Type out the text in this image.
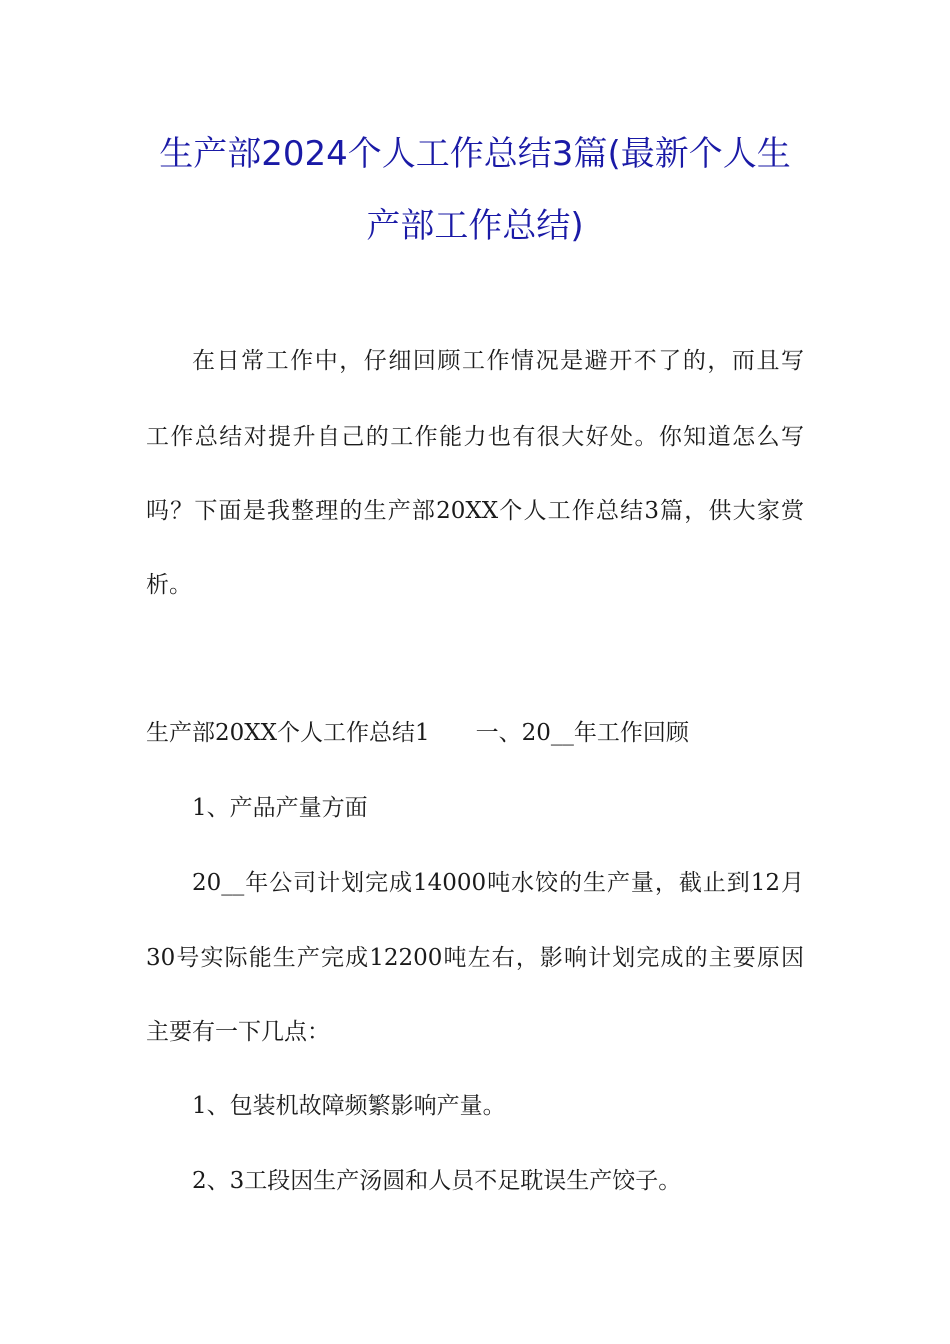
生产部2024个人工作总结3篇(最新个人生
产部工作总结)
在日常工作中，仔细回顾工作情况是避开不了的，而且写
工作总结对提升自己的工作能力也有很大好处。你知道怎么写
吗？下面是我整理的生产部20XX个人工作总结3篇，供大家赏
析。
生产部20XX个人工作总结1　　一、20__年工作回顾
1、产品产量方面
20__年公司计划完成14000吨水饺的生产量，截止到12月
30号实际能生产完成12200吨左右，影响计划完成的主要原因
主要有一下几点：
1、包装机故障频繁影响产量。
2、3工段因生产汤圆和人员不足耽误生产饺子。
